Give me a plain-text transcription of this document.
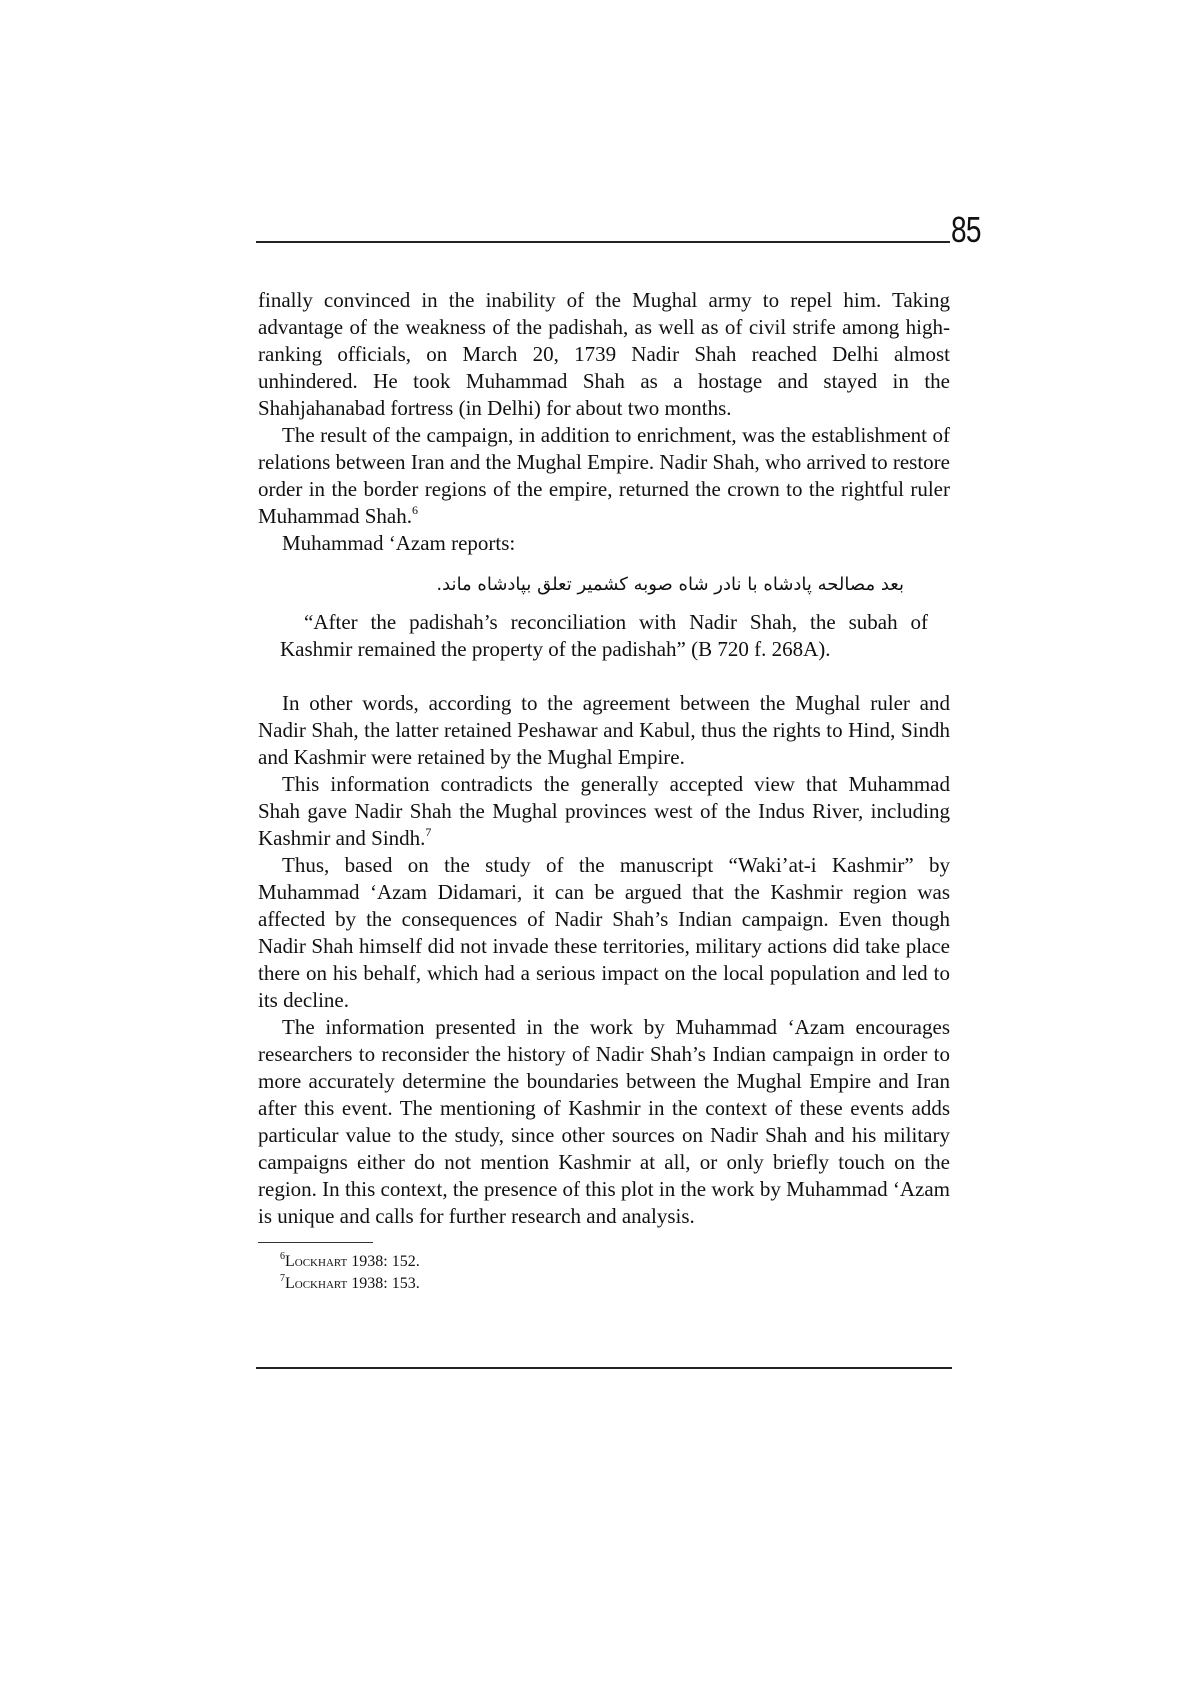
85

finally convinced in the inability of the Mughal army to repel him. Taking advantage of the weakness of the padishah, as well as of civil strife among high-ranking officials, on March 20, 1739 Nadir Shah reached Delhi almost unhindered. He took Muhammad Shah as a hostage and stayed in the Shahjahanabad fortress (in Delhi) for about two months.

The result of the campaign, in addition to enrichment, was the establishment of relations between Iran and the Mughal Empire. Nadir Shah, who arrived to restore order in the border regions of the empire, returned the crown to the rightful ruler Muhammad Shah.$^6$

Muhammad ‘Azam reports:

بعد مصالحه پادشاه با نادر شاه صوبه کشمیر تعلق بپادشاه ماند.

“After the padishah’s reconciliation with Nadir Shah, the subah of Kashmir remained the property of the padishah” (B 720 f. 268A).

In other words, according to the agreement between the Mughal ruler and Nadir Shah, the latter retained Peshawar and Kabul, thus the rights to Hind, Sindh and Kashmir were retained by the Mughal Empire.

This information contradicts the generally accepted view that Muhammad Shah gave Nadir Shah the Mughal provinces west of the Indus River, including Kashmir and Sindh.$^7$

Thus, based on the study of the manuscript “Waki’at-i Kashmir” by Muhammad ‘Azam Didamari, it can be argued that the Kashmir region was affected by the consequences of Nadir Shah’s Indian campaign. Even though Nadir Shah himself did not invade these territories, military actions did take place there on his behalf, which had a serious impact on the local population and led to its decline.

The information presented in the work by Muhammad ‘Azam encourages researchers to reconsider the history of Nadir Shah’s Indian campaign in order to more accurately determine the boundaries between the Mughal Empire and Iran after this event. The mentioning of Kashmir in the context of these events adds particular value to the study, since other sources on Nadir Shah and his military campaigns either do not mention Kashmir at all, or only briefly touch on the region. In this context, the presence of this plot in the work by Muhammad ‘Azam is unique and calls for further research and analysis.

$^6$Lockhart 1938: 152.

$^7$Lockhart 1938: 153.
